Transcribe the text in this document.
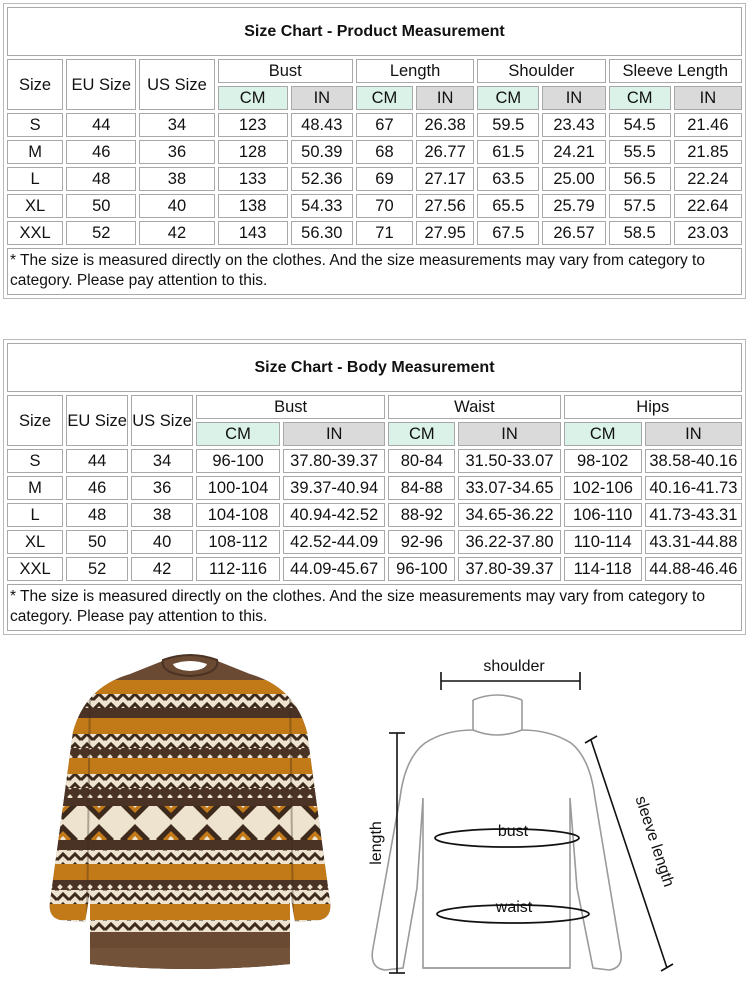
Size Chart - Product Measurement										
Size	EU Size	US Size	Bust		Length		Shoulder		Sleeve Length	
			CM	IN	CM	IN	CM	IN	CM	IN
S	44	34	123	48.43	67	26.38	59.5	23.43	54.5	21.46
M	46	36	128	50.39	68	26.77	61.5	24.21	55.5	21.85
L	48	38	133	52.36	69	27.17	63.5	25.00	56.5	22.24
XL	50	40	138	54.33	70	27.56	65.5	25.79	57.5	22.64
XXL	52	42	143	56.30	71	27.95	67.5	26.57	58.5	23.03
* The size is measured directly on the clothes. And the size measurements may vary from category to category. Please pay attention to this.										
Size Chart - Body Measurement								
Size	EU Size	US Size	Bust		Waist		Hips	
			CM	IN	CM	IN	CM	IN
S	44	34	96-100	37.80-39.37	80-84	31.50-33.07	98-102	38.58-40.16
M	46	36	100-104	39.37-40.94	84-88	33.07-34.65	102-106	40.16-41.73
L	48	38	104-108	40.94-42.52	88-92	34.65-36.22	106-110	41.73-43.31
XL	50	40	108-112	42.52-44.09	92-96	36.22-37.80	110-114	43.31-44.88
XXL	52	42	112-116	44.09-45.67	96-100	37.80-39.37	114-118	44.88-46.46
* The size is measured directly on the clothes. And the size measurements may vary from category to category. Please pay attention to this.								
shoulder
length	sleeve length
bust
waist
